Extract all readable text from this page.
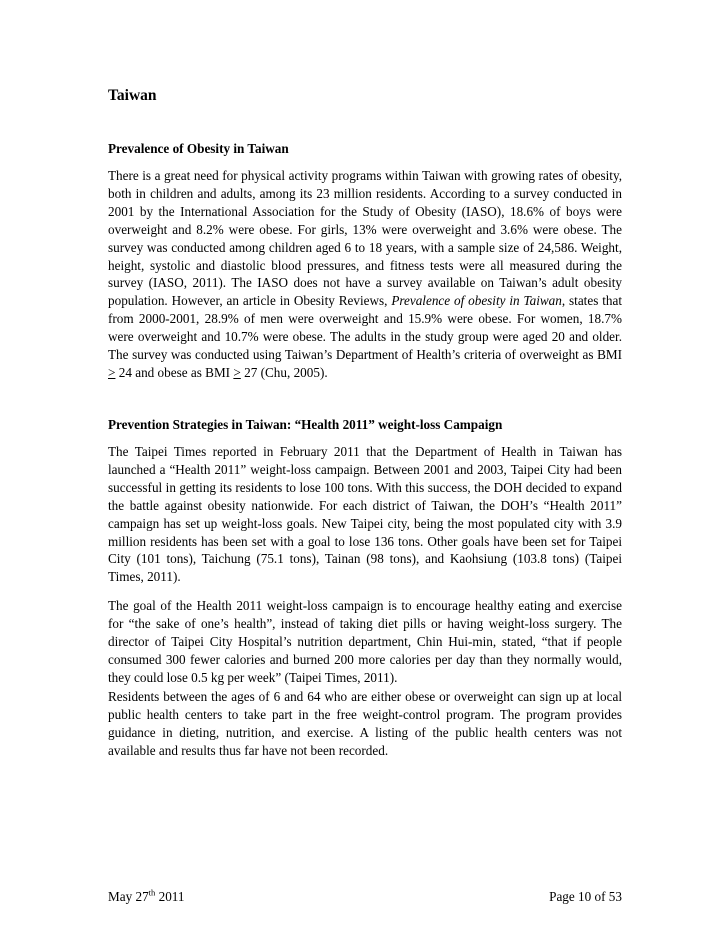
Taiwan
Prevalence of Obesity in Taiwan

There is a great need for physical activity programs within Taiwan with growing rates of obesity, both in children and adults, among its 23 million residents. According to a survey conducted in 2001 by the International Association for the Study of Obesity (IASO), 18.6% of boys were overweight and 8.2% were obese. For girls, 13% were overweight and 3.6% were obese. The survey was conducted among children aged 6 to 18 years, with a sample size of 24,586. Weight, height, systolic and diastolic blood pressures, and fitness tests were all measured during the survey (IASO, 2011). The IASO does not have a survey available on Taiwan’s adult obesity population. However, an article in Obesity Reviews, Prevalence of obesity in Taiwan, states that from 2000-2001, 28.9% of men were overweight and 15.9% were obese. For women, 18.7% were overweight and 10.7% were obese. The adults in the study group were aged 20 and older. The survey was conducted using Taiwan’s Department of Health’s criteria of overweight as BMI ≥ 24 and obese as BMI ≥ 27 (Chu, 2005).

Prevention Strategies in Taiwan: “Health 2011” weight-loss Campaign

The Taipei Times reported in February 2011 that the Department of Health in Taiwan has launched a “Health 2011” weight-loss campaign. Between 2001 and 2003, Taipei City had been successful in getting its residents to lose 100 tons. With this success, the DOH decided to expand the battle against obesity nationwide. For each district of Taiwan, the DOH’s “Health 2011” campaign has set up weight-loss goals. New Taipei city, being the most populated city with 3.9 million residents has been set with a goal to lose 136 tons. Other goals have been set for Taipei City (101 tons), Taichung (75.1 tons), Tainan (98 tons), and Kaohsiung (103.8 tons) (Taipei Times, 2011).

The goal of the Health 2011 weight-loss campaign is to encourage healthy eating and exercise for “the sake of one’s health”, instead of taking diet pills or having weight-loss surgery. The director of Taipei City Hospital’s nutrition department, Chin Hui-min, stated, “that if people consumed 300 fewer calories and burned 200 more calories per day than they normally would, they could lose 0.5 kg per week” (Taipei Times, 2011).

Residents between the ages of 6 and 64 who are either obese or overweight can sign up at local public health centers to take part in the free weight-control program. The program provides guidance in dieting, nutrition, and exercise. A listing of the public health centers was not available and results thus far have not been recorded.

May 27th 2011	Page 10 of 53
